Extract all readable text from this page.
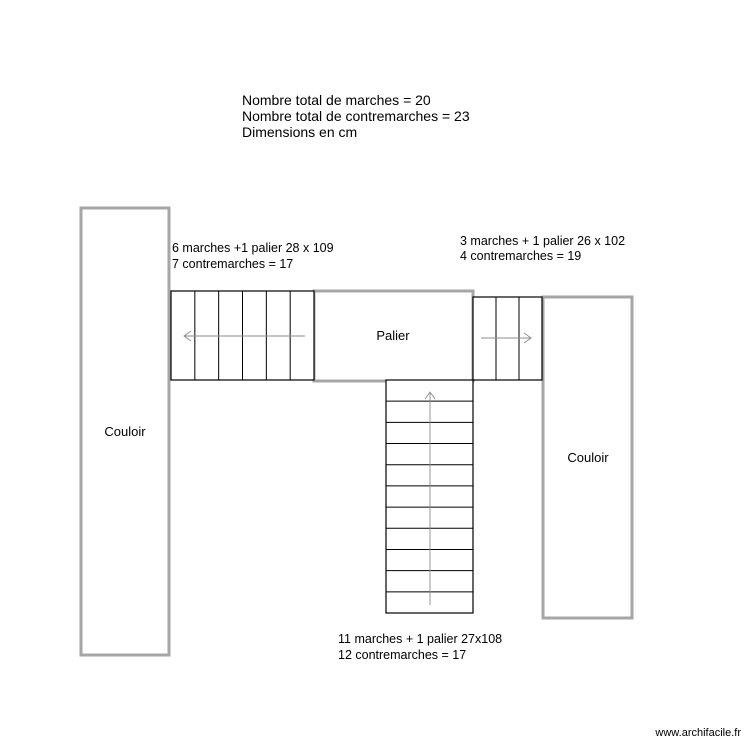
Nombre total de marches = 20
Nombre total de contremarches = 23
Dimensions en cm
Couloir
Couloir
Palier
6 marches +1 palier 28 x 109
7 contremarches = 17
3 marches + 1 palier 26 x 102
4 contremarches = 19
11 marches + 1 palier 27x108
12 contremarches = 17
www.archifacile.fr
